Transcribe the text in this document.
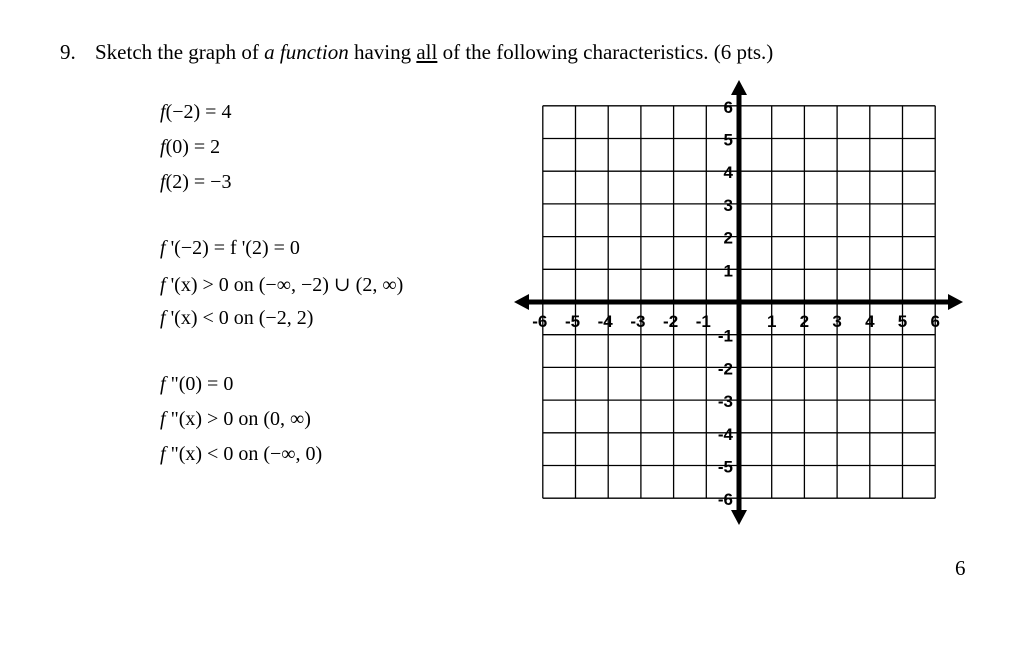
9. Sketch the graph of a function having all of the following characteristics. (6 pts.)
f(−2) = 4
f(0) = 2
f(2) = −3
f '(−2) = f '(2) = 0
f '(x) > 0 on (−∞, −2) ∪ (2, ∞)
f '(x) < 0 on (−2, 2)
f "(0) = 0
f "(x) > 0 on (0, ∞)
f "(x) < 0 on (−∞, 0)
-6 -5 -4 -3 -2 -1	1 2 3 4 5 6
6
5
4
3
2
1
-1
-2
-3
-4
-5
-6
6
